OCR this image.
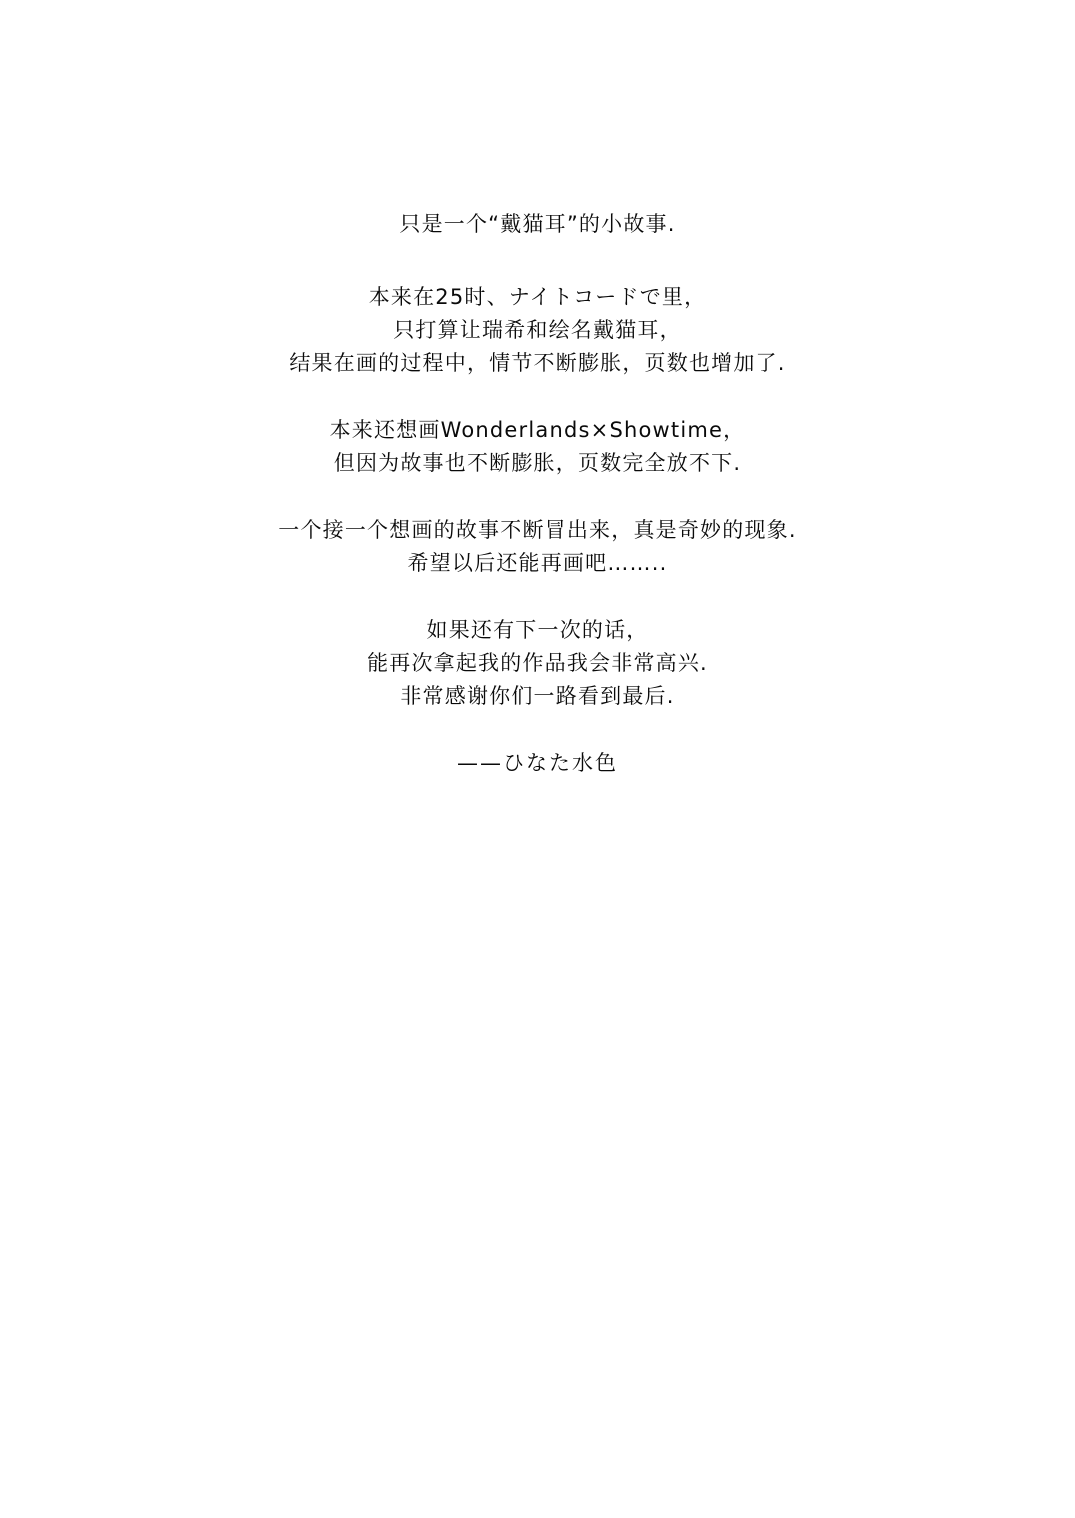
只是一个“戴猫耳”的小故事.
本来在25时、ナイトコードで里，
只打算让瑞希和绘名戴猫耳，
结果在画的过程中，情节不断膨胀，页数也增加了.
本来还想画Wonderlands×Showtime，
但因为故事也不断膨胀，页数完全放不下.
一个接一个想画的故事不断冒出来，真是奇妙的现象.
希望以后还能再画吧……..
如果还有下一次的话，
能再次拿起我的作品我会非常高兴.
非常感谢你们一路看到最后.
——ひなた水色
